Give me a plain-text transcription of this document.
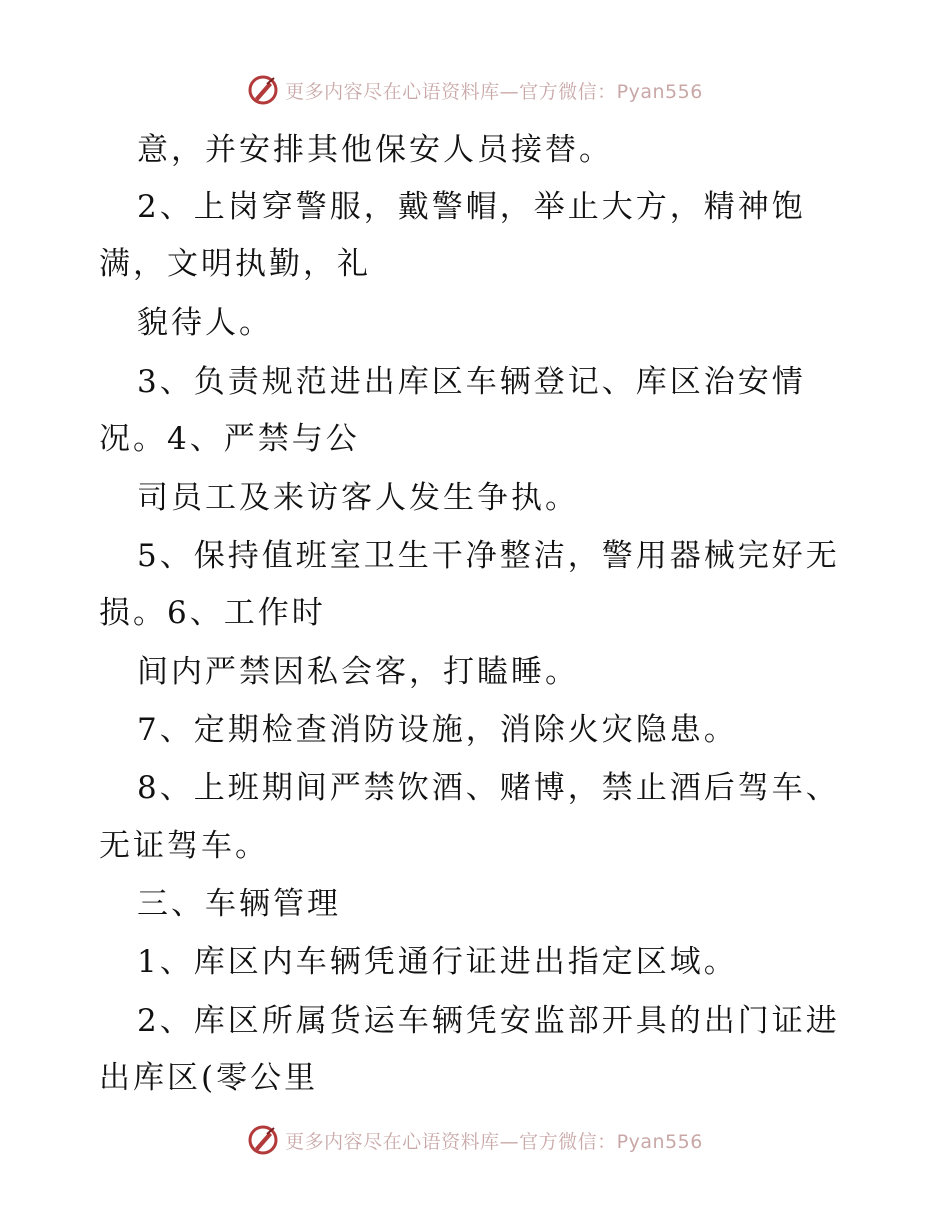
更多内容尽在心语资料库—官方微信：Pyan556
意，并安排其他保安人员接替。
2、上岗穿警服，戴警帽，举止大方，精神饱
满，文明执勤，礼
貌待人。
3、负责规范进出库区车辆登记、库区治安情
况。4、严禁与公
司员工及来访客人发生争执。
5、保持值班室卫生干净整洁，警用器械完好无
损。6、工作时
间内严禁因私会客，打瞌睡。
7、定期检查消防设施，消除火灾隐患。
8、上班期间严禁饮酒、赌博，禁止酒后驾车、
无证驾车。
三、车辆管理
1、库区内车辆凭通行证进出指定区域。
2、库区所属货运车辆凭安监部开具的出门证进
出库区(零公里
更多内容尽在心语资料库—官方微信：Pyan556
